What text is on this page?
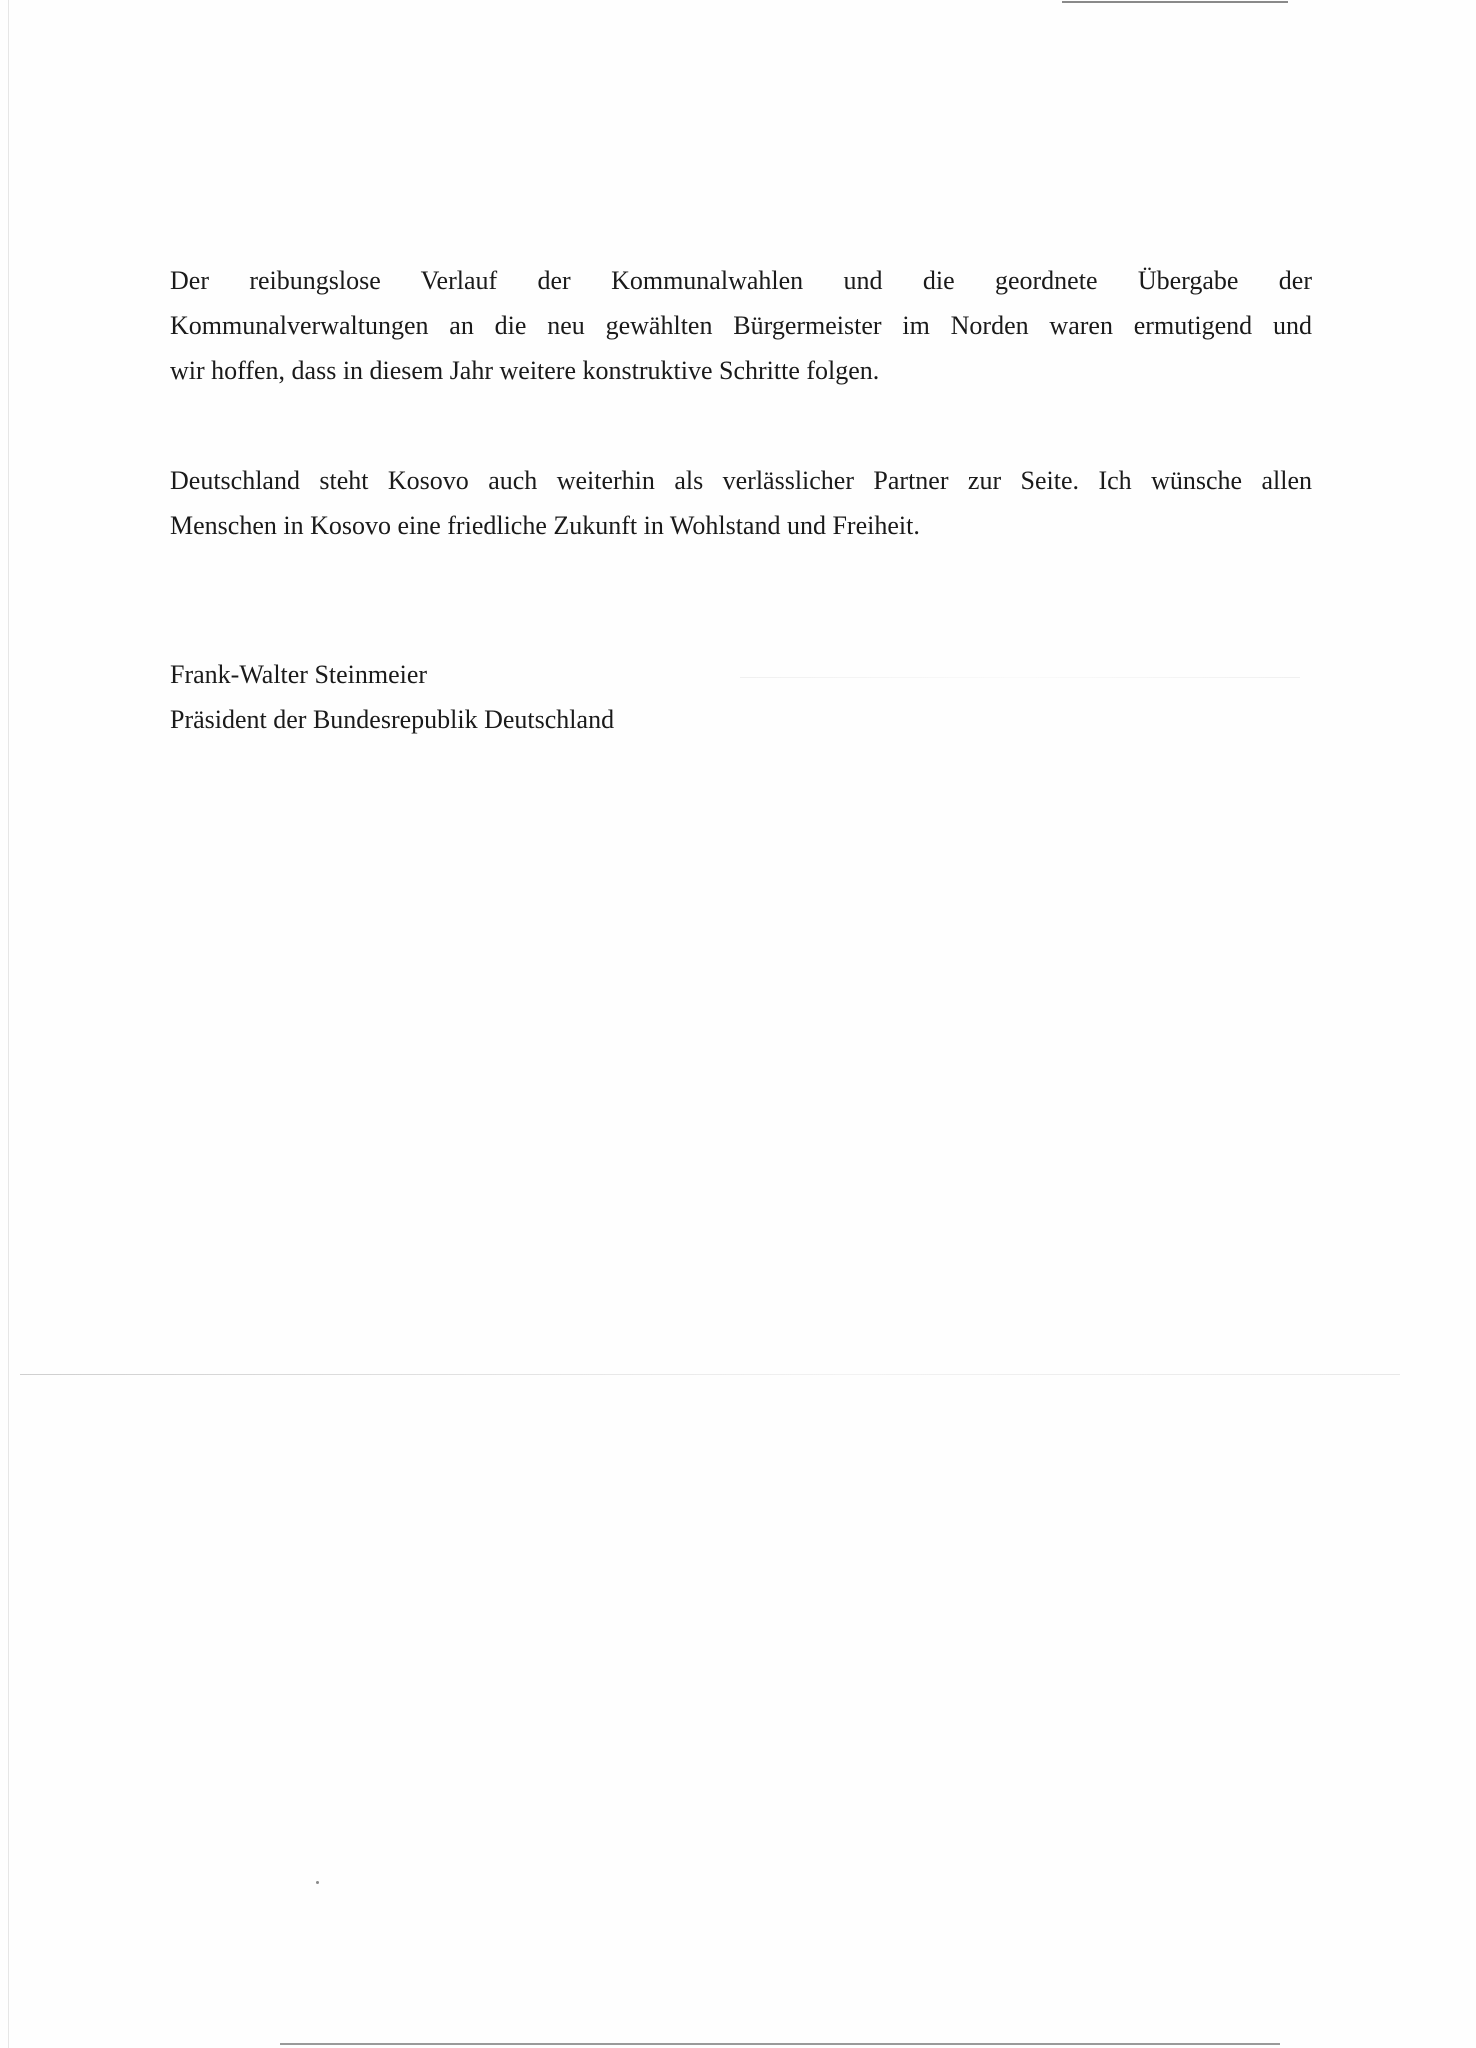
Der reibungslose Verlauf der Kommunalwahlen und die geordnete Übergabe der
Kommunalverwaltungen an die neu gewählten Bürgermeister im Norden waren ermutigend und
wir hoffen, dass in diesem Jahr weitere konstruktive Schritte folgen.
Deutschland steht Kosovo auch weiterhin als verlässlicher Partner zur Seite. Ich wünsche allen
Menschen in Kosovo eine friedliche Zukunft in Wohlstand und Freiheit.
Frank-Walter Steinmeier
Präsident der Bundesrepublik Deutschland
